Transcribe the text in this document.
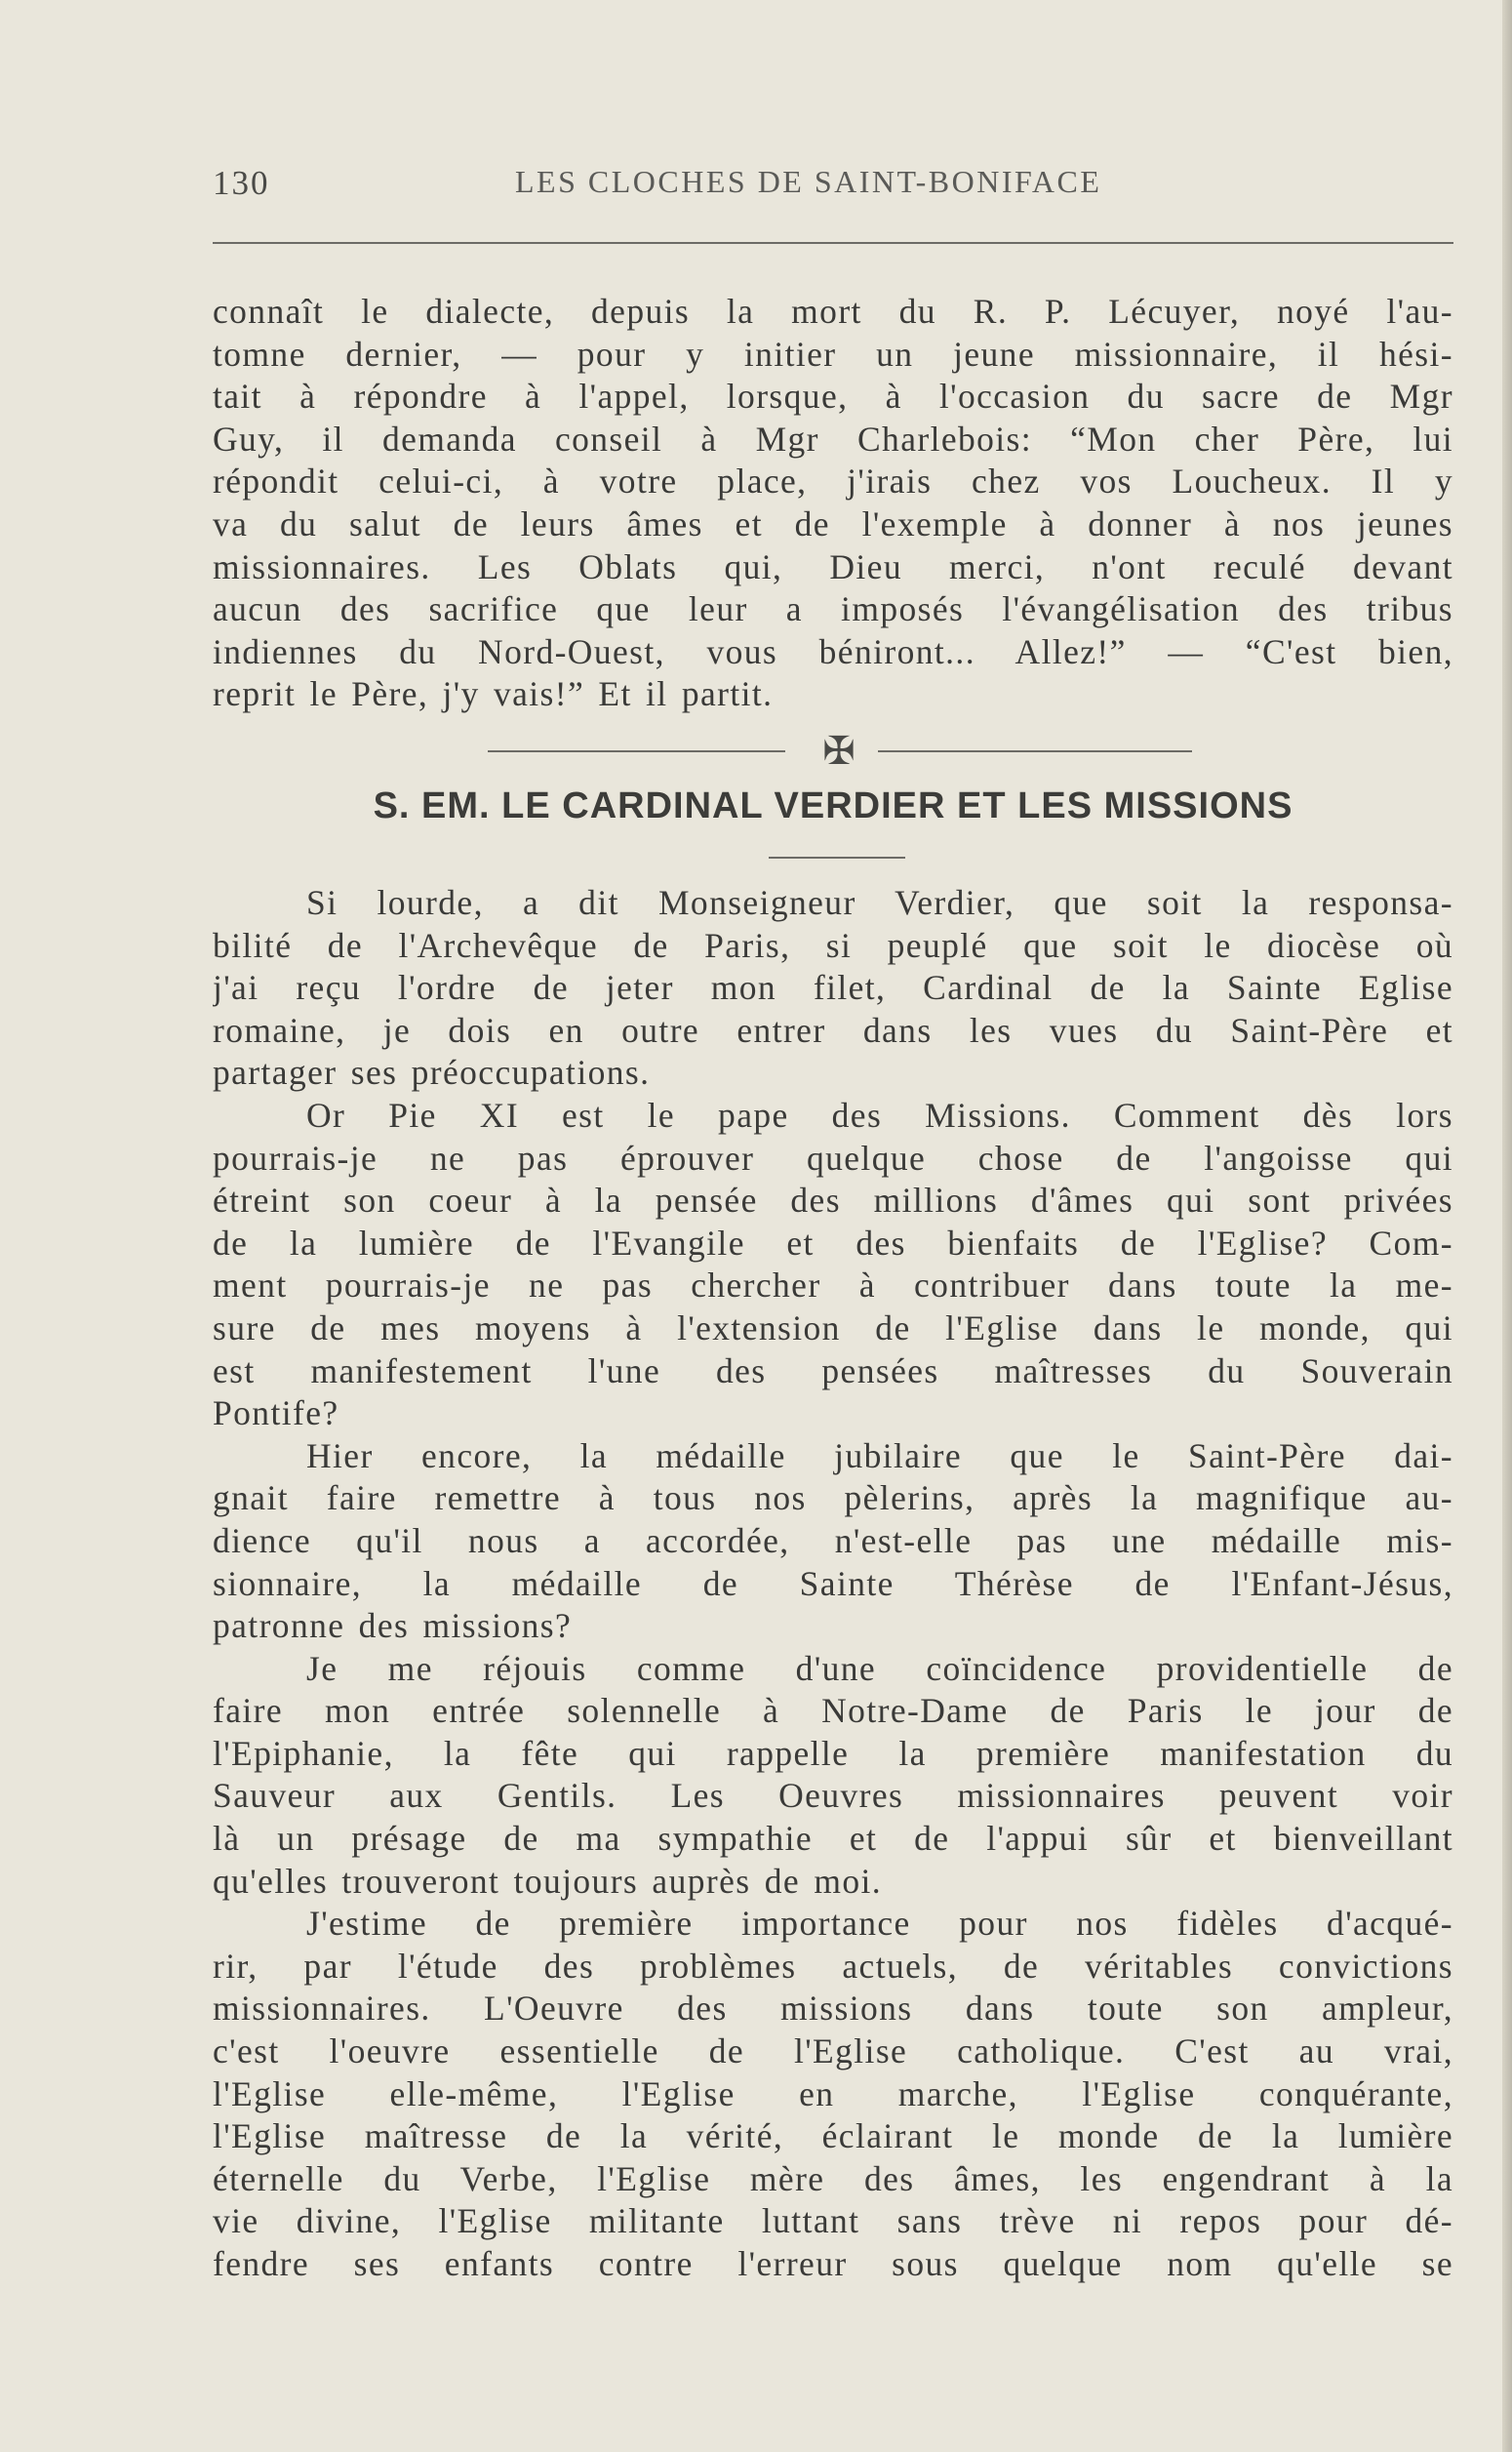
130	LES CLOCHES DE SAINT-BONIFACE
connaît le dialecte, depuis la mort du R. P. Lécuyer, noyé l'au-
tomne dernier, — pour y initier un jeune missionnaire, il hési-
tait à répondre à l'appel, lorsque, à l'occasion du sacre de Mgr
Guy, il demanda conseil à Mgr Charlebois: “Mon cher Père, lui
répondit celui-ci, à votre place, j'irais chez vos Loucheux. Il y
va du salut de leurs âmes et de l'exemple à donner à nos jeunes
missionnaires. Les Oblats qui, Dieu merci, n'ont reculé devant
aucun des sacrifice que leur a imposés l'évangélisation des tribus
indiennes du Nord-Ouest, vous béniront... Allez!” — “C'est bien,
reprit le Père, j'y vais!” Et il partit.
✠
S. EM. LE CARDINAL VERDIER ET LES MISSIONS
Si lourde, a dit Monseigneur Verdier, que soit la responsa-
bilité de l'Archevêque de Paris, si peuplé que soit le diocèse où
j'ai reçu l'ordre de jeter mon filet, Cardinal de la Sainte Eglise
romaine, je dois en outre entrer dans les vues du Saint-Père et
partager ses préoccupations.
Or Pie XI est le pape des Missions. Comment dès lors
pourrais-je ne pas éprouver quelque chose de l'angoisse qui
étreint son coeur à la pensée des millions d'âmes qui sont privées
de la lumière de l'Evangile et des bienfaits de l'Eglise? Com-
ment pourrais-je ne pas chercher à contribuer dans toute la me-
sure de mes moyens à l'extension de l'Eglise dans le monde, qui
est manifestement l'une des pensées maîtresses du Souverain
Pontife?
Hier encore, la médaille jubilaire que le Saint-Père dai-
gnait faire remettre à tous nos pèlerins, après la magnifique au-
dience qu'il nous a accordée, n'est-elle pas une médaille mis-
sionnaire, la médaille de Sainte Thérèse de l'Enfant-Jésus,
patronne des missions?
Je me réjouis comme d'une coïncidence providentielle de
faire mon entrée solennelle à Notre-Dame de Paris le jour de
l'Epiphanie, la fête qui rappelle la première manifestation du
Sauveur aux Gentils. Les Oeuvres missionnaires peuvent voir
là un présage de ma sympathie et de l'appui sûr et bienveillant
qu'elles trouveront toujours auprès de moi.
J'estime de première importance pour nos fidèles d'acqué-
rir, par l'étude des problèmes actuels, de véritables convictions
missionnaires. L'Oeuvre des missions dans toute son ampleur,
c'est l'oeuvre essentielle de l'Eglise catholique. C'est au vrai,
l'Eglise elle-même, l'Eglise en marche, l'Eglise conquérante,
l'Eglise maîtresse de la vérité, éclairant le monde de la lumière
éternelle du Verbe, l'Eglise mère des âmes, les engendrant à la
vie divine, l'Eglise militante luttant sans trève ni repos pour dé-
fendre ses enfants contre l'erreur sous quelque nom qu'elle se
